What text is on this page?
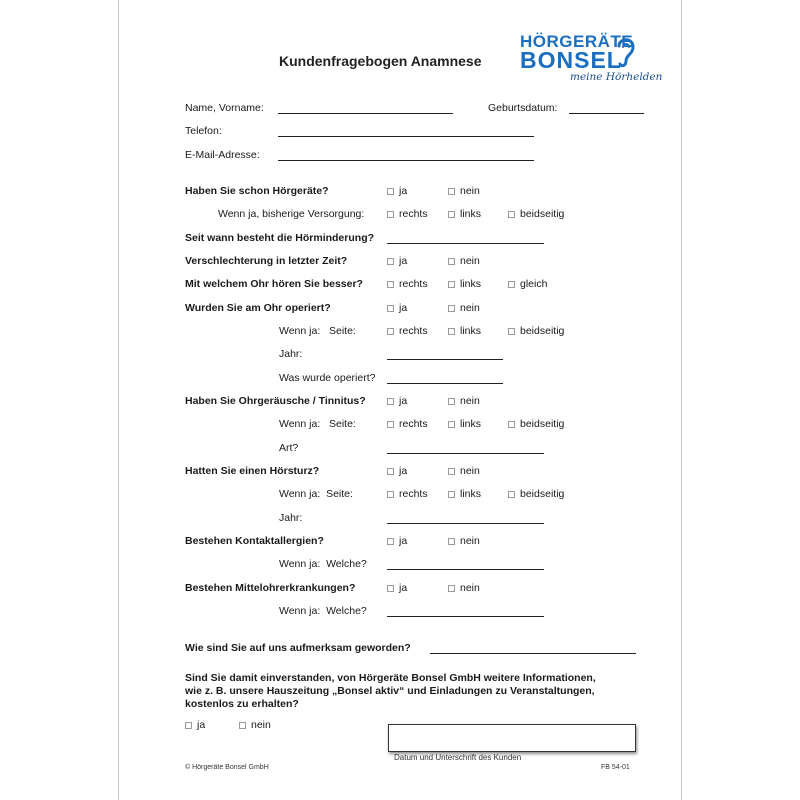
Kundenfragebogen Anamnese
HÖRGERÄTE
BONSEL
meine Hörhelden
Name, Vorname:	Geburtsdatum:
Telefon:
E-Mail-Adresse:
Haben Sie schon Hörgeräte?	ja	nein
Wenn ja, bisherige Versorgung:	rechts	links	beidseitig
Seit wann besteht die Hörminderung?
Verschlechterung in letzter Zeit?	ja	nein
Mit welchem Ohr hören Sie besser?	rechts	links	gleich
Wurden Sie am Ohr operiert?	ja	nein
Wenn ja:   Seite:	rechts	links	beidseitig
Jahr:
Was wurde operiert?
Haben Sie Ohrgeräusche / Tinnitus?	ja	nein
Wenn ja:   Seite:	rechts	links	beidseitig
Art?
Hatten Sie einen Hörsturz?	ja	nein
Wenn ja:  Seite:	rechts	links	beidseitig
Jahr:
Bestehen Kontaktallergien?	ja	nein
Wenn ja:  Welche?
Bestehen Mittelohrerkrankungen?	ja	nein
Wenn ja:  Welche?
Wie sind Sie auf uns aufmerksam geworden?
Sind Sie damit einverstanden, von Hörgeräte Bonsel GmbH weitere Informationen,
wie z. B. unsere Hauszeitung „Bonsel aktiv“ und Einladungen zu Veranstaltungen,
kostenlos zu erhalten?
ja	nein
Datum und Unterschrift des Kunden
© Hörgeräte Bonsel GmbH	FB 54-01
